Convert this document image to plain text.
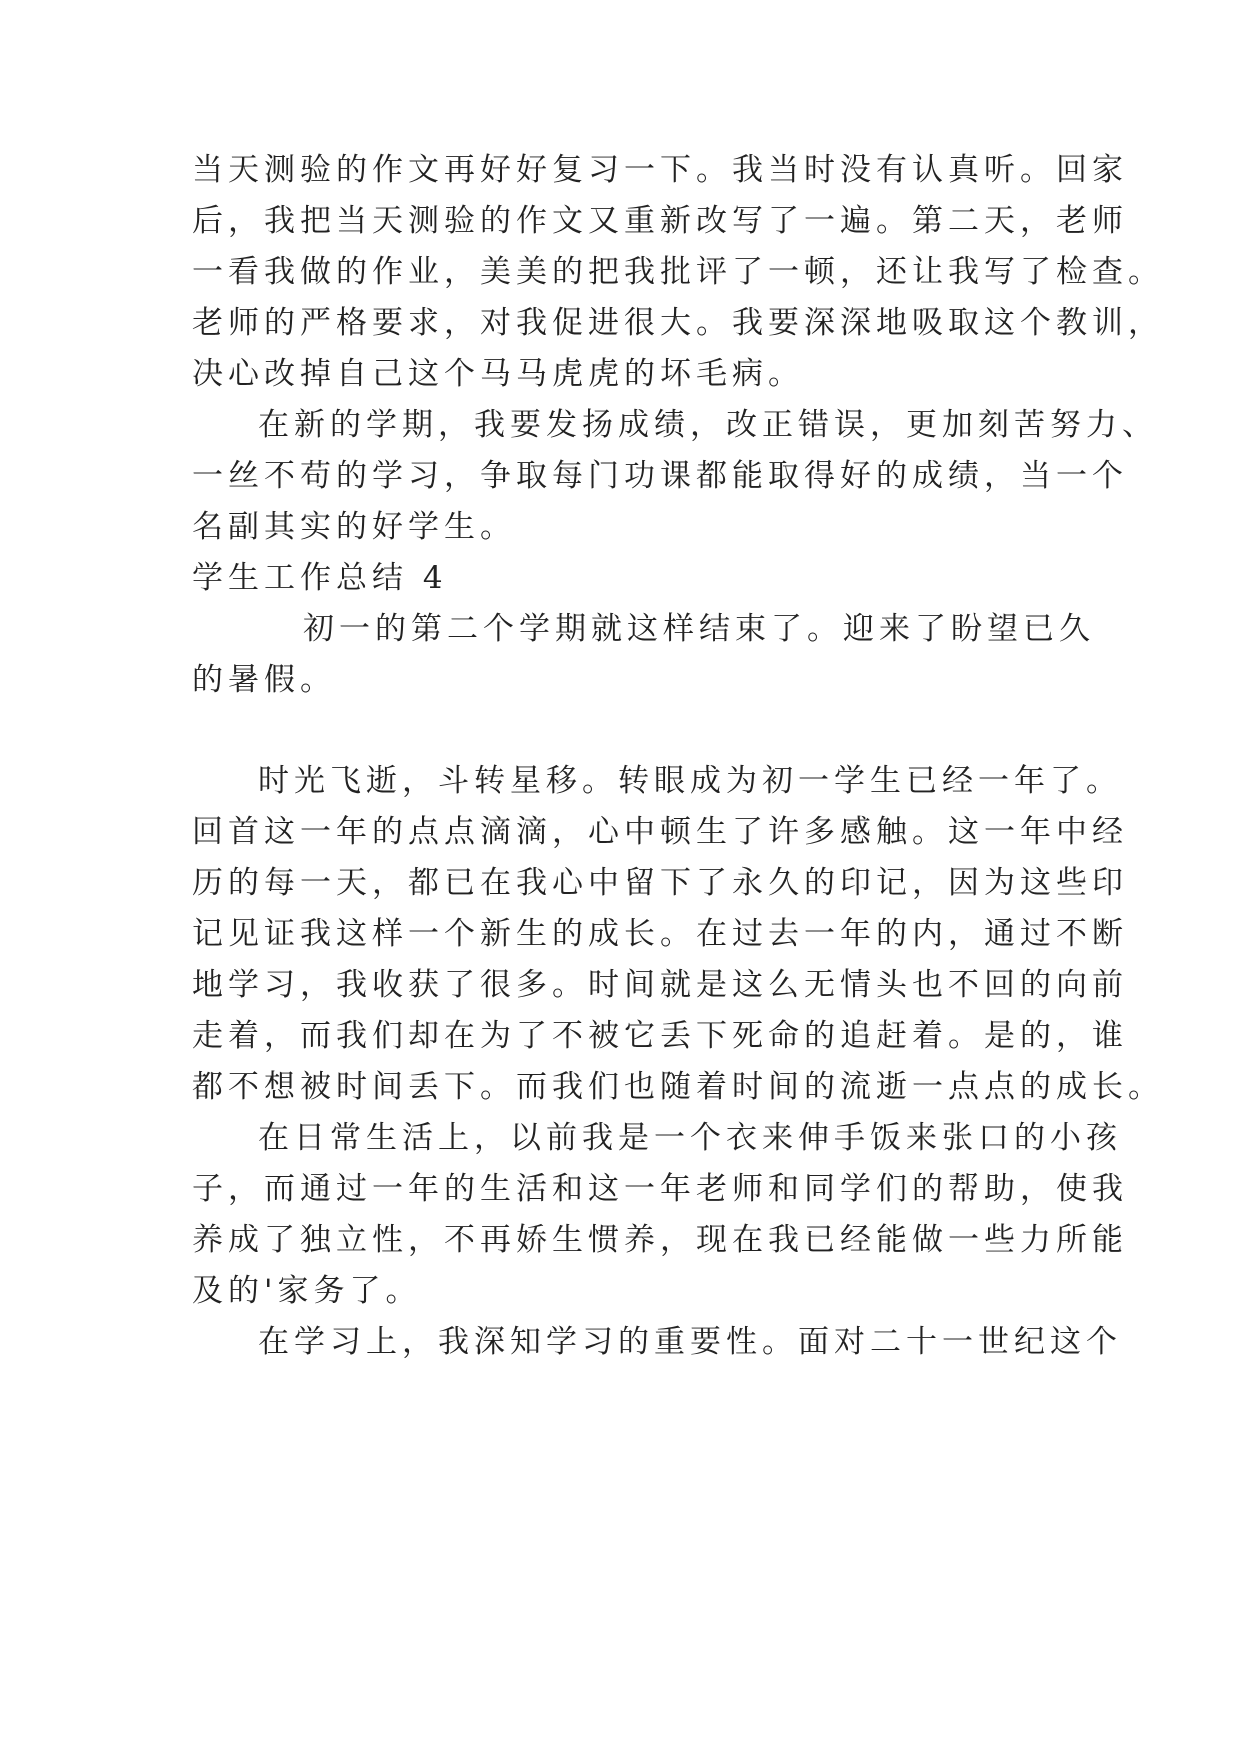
当天测验的作文再好好复习一下。我当时没有认真听。回家
后，我把当天测验的作文又重新改写了一遍。第二天，老师
一看我做的作业，美美的把我批评了一顿，还让我写了检查。
老师的严格要求，对我促进很大。我要深深地吸取这个教训，
决心改掉自己这个马马虎虎的坏毛病。
在新的学期，我要发扬成绩，改正错误，更加刻苦努力、
一丝不苟的学习，争取每门功课都能取得好的成绩，当一个
名副其实的好学生。
学生工作总结 4
初一的第二个学期就这样结束了。迎来了盼望已久
的暑假。
时光飞逝，斗转星移。转眼成为初一学生已经一年了。
回首这一年的点点滴滴，心中顿生了许多感触。这一年中经
历的每一天，都已在我心中留下了永久的印记，因为这些印
记见证我这样一个新生的成长。在过去一年的内，通过不断
地学习，我收获了很多。时间就是这么无情头也不回的向前
走着，而我们却在为了不被它丢下死命的追赶着。是的，谁
都不想被时间丢下。而我们也随着时间的流逝一点点的成长。
在日常生活上，以前我是一个衣来伸手饭来张口的小孩
子，而通过一年的生活和这一年老师和同学们的帮助，使我
养成了独立性，不再娇生惯养，现在我已经能做一些力所能
及的'家务了。
在学习上，我深知学习的重要性。面对二十一世纪这个
